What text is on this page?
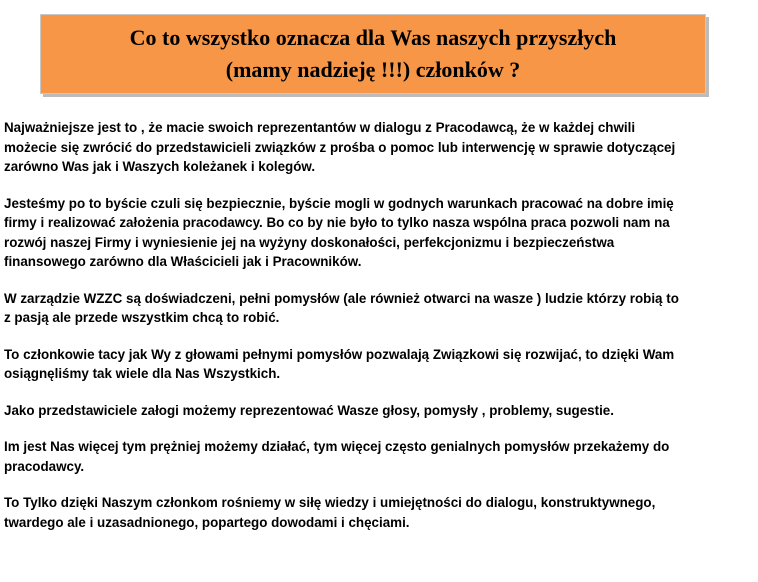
Co to wszystko oznacza dla Was naszych przyszłych
(mamy nadzieję !!!) członków ?

Najważniejsze jest to , że macie swoich reprezentantów w dialogu z Pracodawcą, że w każdej chwili
możecie się zwrócić do przedstawicieli związków z prośba o pomoc lub interwencję w sprawie dotyczącej
zarówno Was jak i Waszych koleżanek i kolegów.

Jesteśmy po to byście czuli się bezpiecznie, byście mogli w godnych warunkach pracować na dobre imię
firmy i realizować założenia pracodawcy. Bo co by nie było to tylko nasza wspólna praca pozwoli nam na
rozwój naszej Firmy i wyniesienie jej na wyżyny doskonałości, perfekcjonizmu i bezpieczeństwa
finansowego zarówno dla Właścicieli jak i Pracowników.

W zarządzie WZZC są doświadczeni, pełni pomysłów (ale również otwarci na wasze ) ludzie którzy robią to
z pasją ale przede wszystkim chcą to robić.

To członkowie tacy jak Wy z głowami pełnymi pomysłów pozwalają Związkowi się rozwijać, to dzięki Wam
osiągnęliśmy tak wiele dla Nas Wszystkich.

Jako przedstawiciele załogi możemy reprezentować Wasze głosy, pomysły , problemy, sugestie.

Im jest Nas więcej tym prężniej możemy działać, tym więcej często genialnych pomysłów przekażemy do
pracodawcy.

To Tylko dzięki Naszym członkom rośniemy w siłę wiedzy i umiejętności do dialogu, konstruktywnego,
twardego ale i uzasadnionego, popartego dowodami i chęciami.
